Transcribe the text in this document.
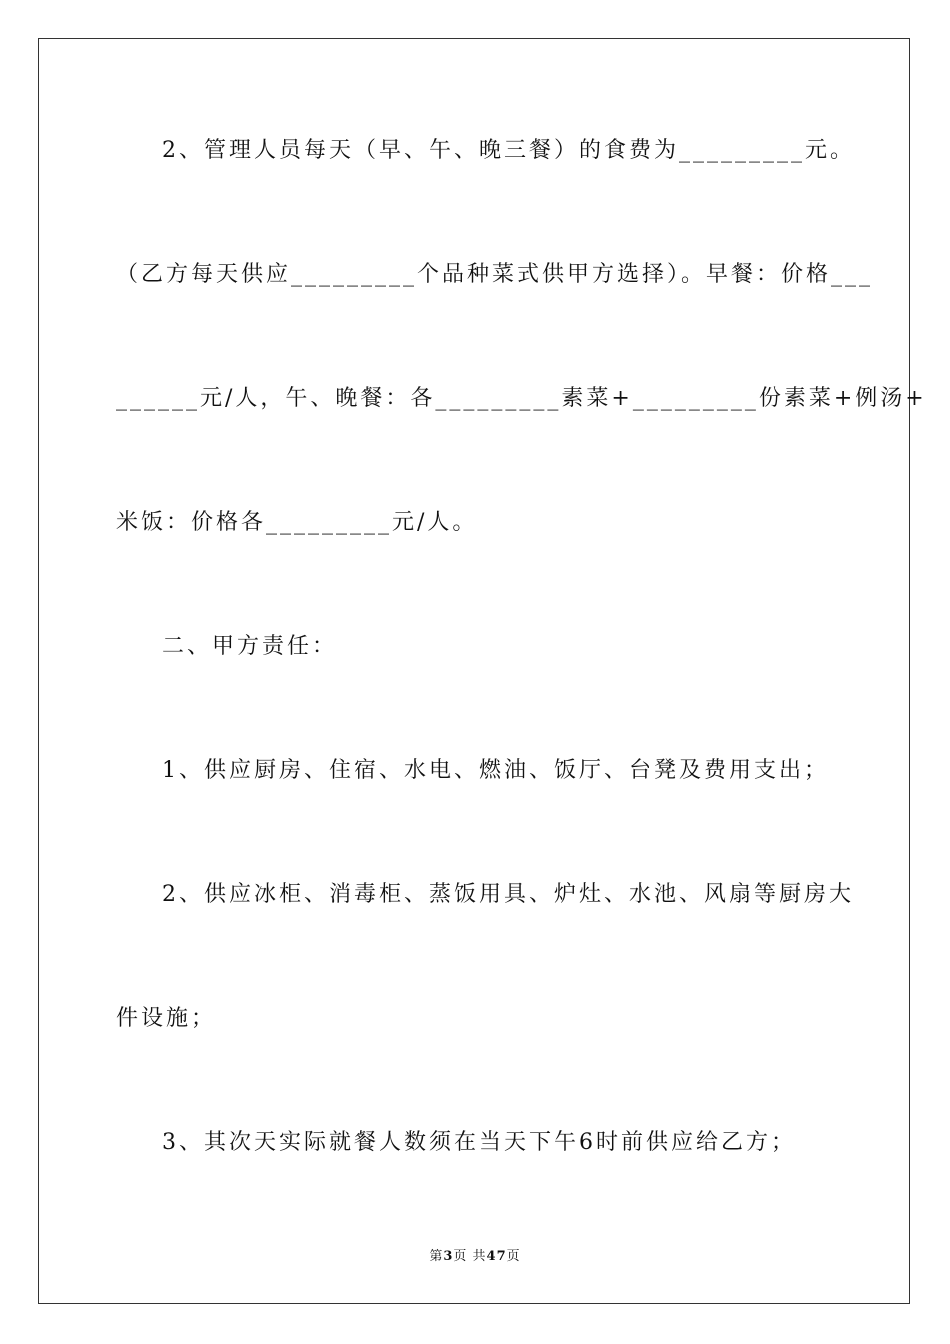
2、管理人员每天（早、午、晚三餐）的食费为_________元。
（乙方每天供应_________个品种菜式供甲方选择）。早餐：价格___
______元/人，午、晚餐：各_________素菜+_________份素菜+例汤+
米饭：价格各_________元/人。
二、甲方责任：
1、供应厨房、住宿、水电、燃油、饭厅、台凳及费用支出；
2、供应冰柜、消毒柜、蒸饭用具、炉灶、水池、风扇等厨房大
件设施；
3、其次天实际就餐人数须在当天下午6时前供应给乙方；
第3页 共47页
